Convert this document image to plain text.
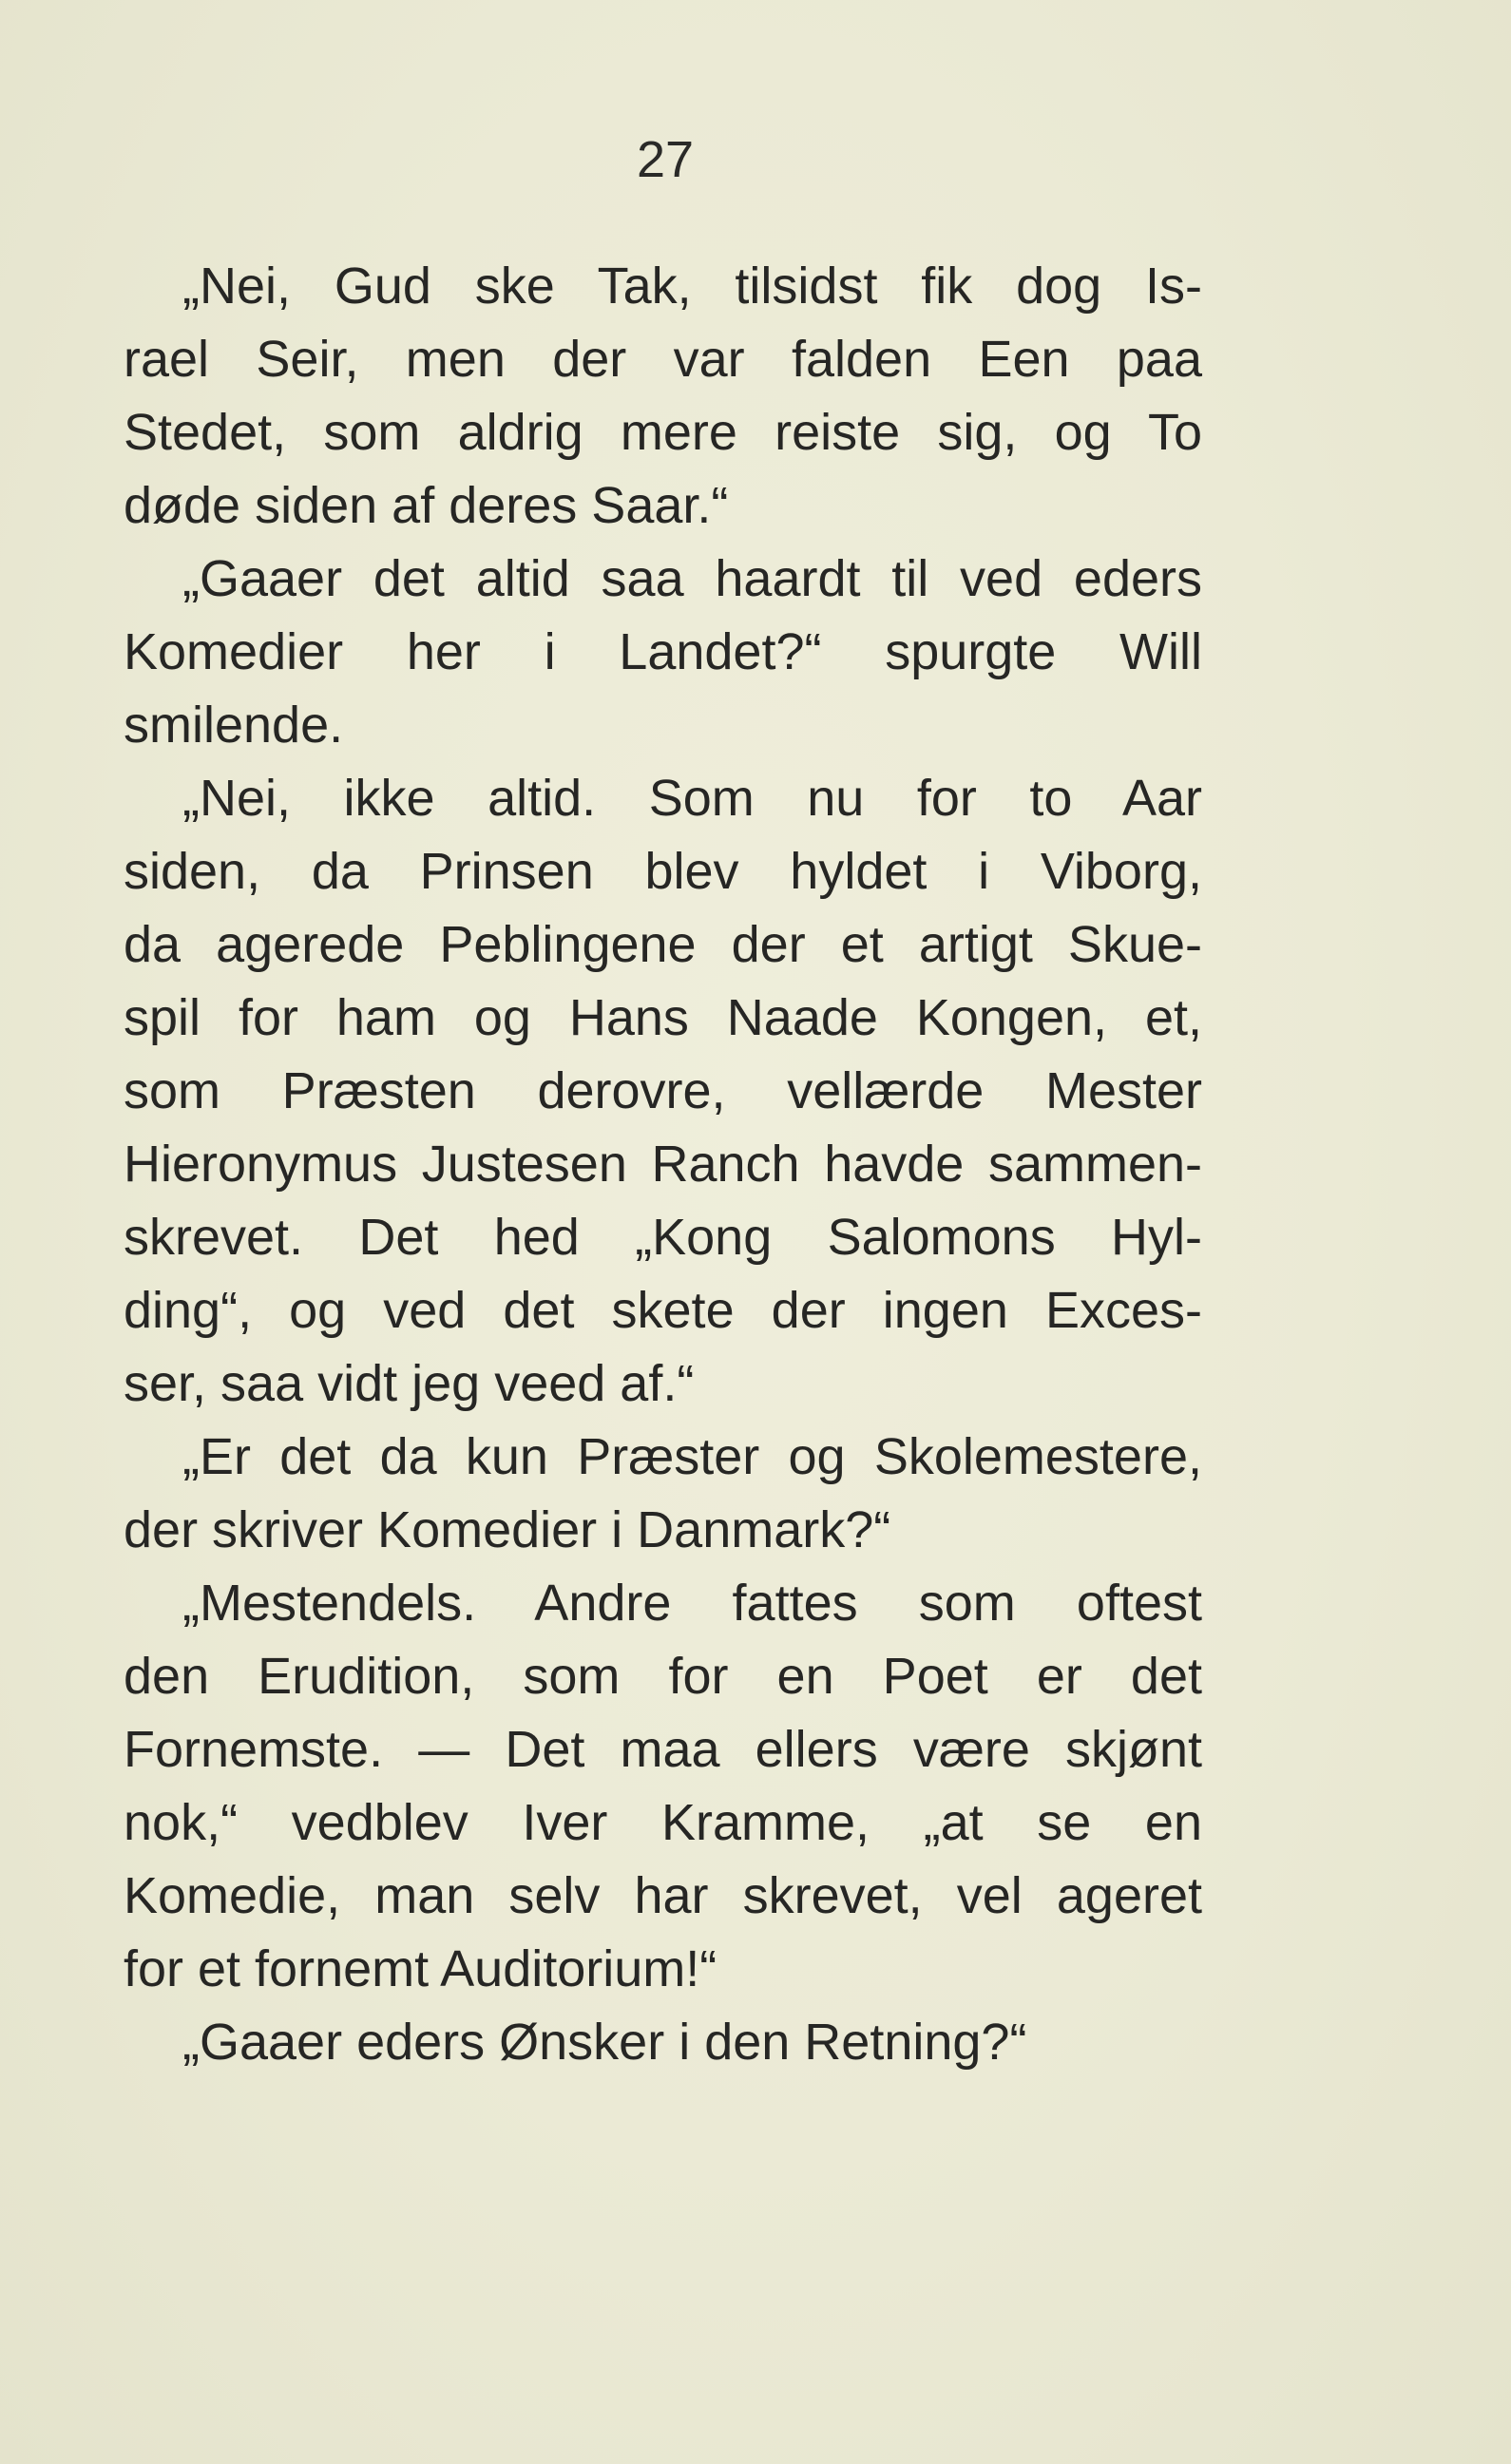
27
„Nei, Gud ske Tak, tilsidst fik dog Is-
rael Seir, men der var falden Een paa
Stedet, som aldrig mere reiste sig, og To
døde siden af deres Saar.“
„Gaaer det altid saa haardt til ved eders
Komedier her i Landet?“ spurgte Will
smilende.
„Nei, ikke altid. Som nu for to Aar
siden, da Prinsen blev hyldet i Viborg,
da agerede Peblingene der et artigt Skue-
spil for ham og Hans Naade Kongen, et,
som Præsten derovre, vellærde Mester
Hieronymus Justesen Ranch havde sammen-
skrevet. Det hed „Kong Salomons Hyl-
ding“, og ved det skete der ingen Exces-
ser, saa vidt jeg veed af.“
„Er det da kun Præster og Skolemestere,
der skriver Komedier i Danmark?“
„Mestendels. Andre fattes som oftest
den Erudition, som for en Poet er det
Fornemste. — Det maa ellers være skjønt
nok,“ vedblev Iver Kramme, „at se en
Komedie, man selv har skrevet, vel ageret
for et fornemt Auditorium!“
„Gaaer eders Ønsker i den Retning?“
